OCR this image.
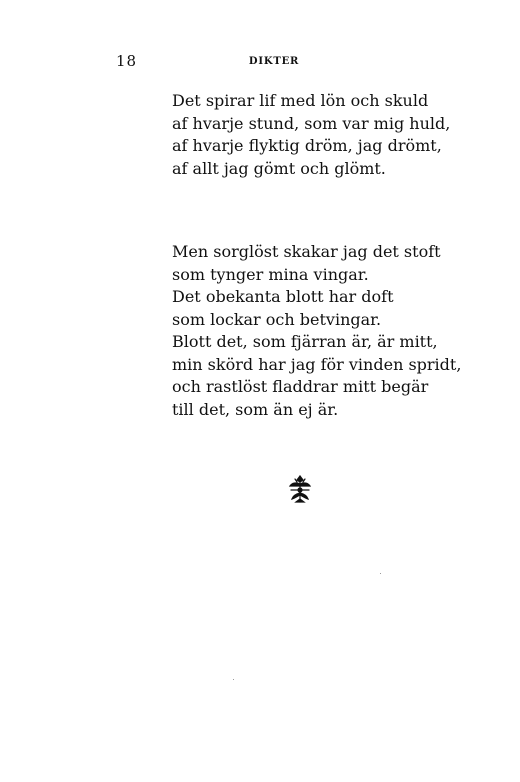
18	DIKTER
Det spirar lif med lön och skuld
af hvarje stund, som var mig huld,
af hvarje flyktig dröm, jag drömt,
af allt jag gömt och glömt.
Men sorglöst skakar jag det stoft
som tynger mina vingar.
Det obekanta blott har doft
som lockar och betvingar.
Blott det, som fjärran är, är mitt,
min skörd har jag för vinden spridt,
och rastlöst fladdrar mitt begär
till det, som än ej är.
